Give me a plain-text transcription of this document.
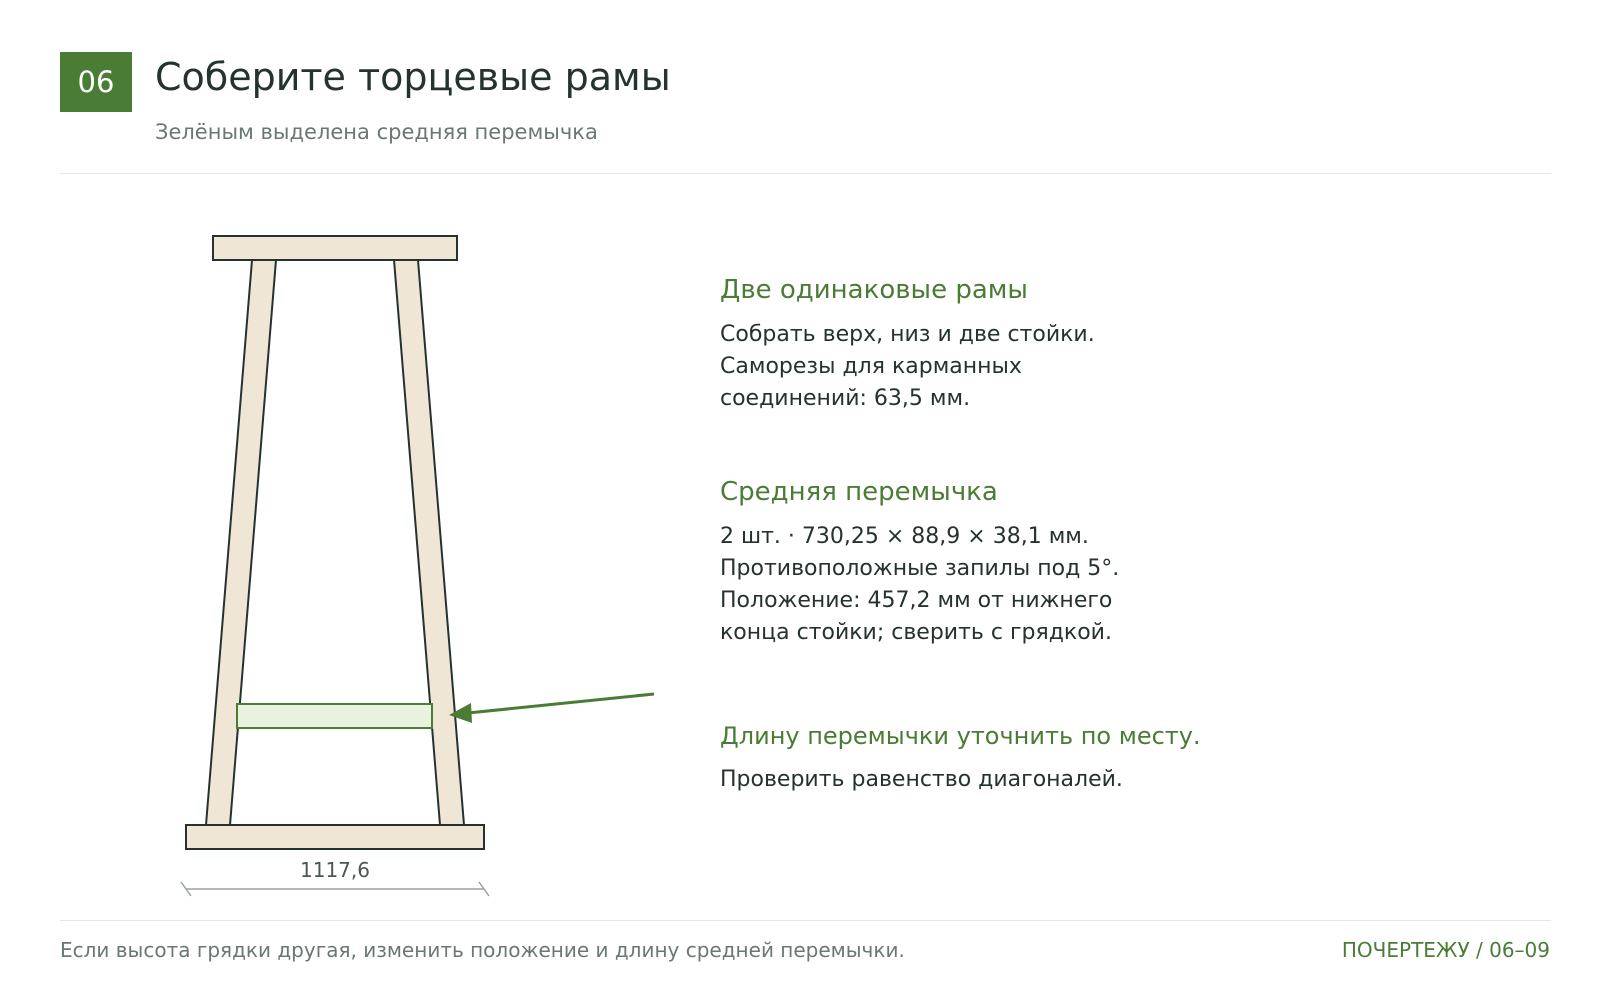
06	Соберите торцевые рамы
Зелёным выделена средняя перемычка
1117,6
Две одинаковые рамы
Собрать верх, низ и две стойки.
Саморезы для карманных
соединений: 63,5 мм.
Средняя перемычка
2 шт. · 730,25 × 88,9 × 38,1 мм.
Противоположные запилы под 5°.
Положение: 457,2 мм от нижнего
конца стойки; сверить с грядкой.
Длину перемычки уточнить по месту.
Проверить равенство диагоналей.
Если высота грядки другая, изменить положение и длину средней перемычки.	ПОЧЕРТЕЖУ / 06–09
